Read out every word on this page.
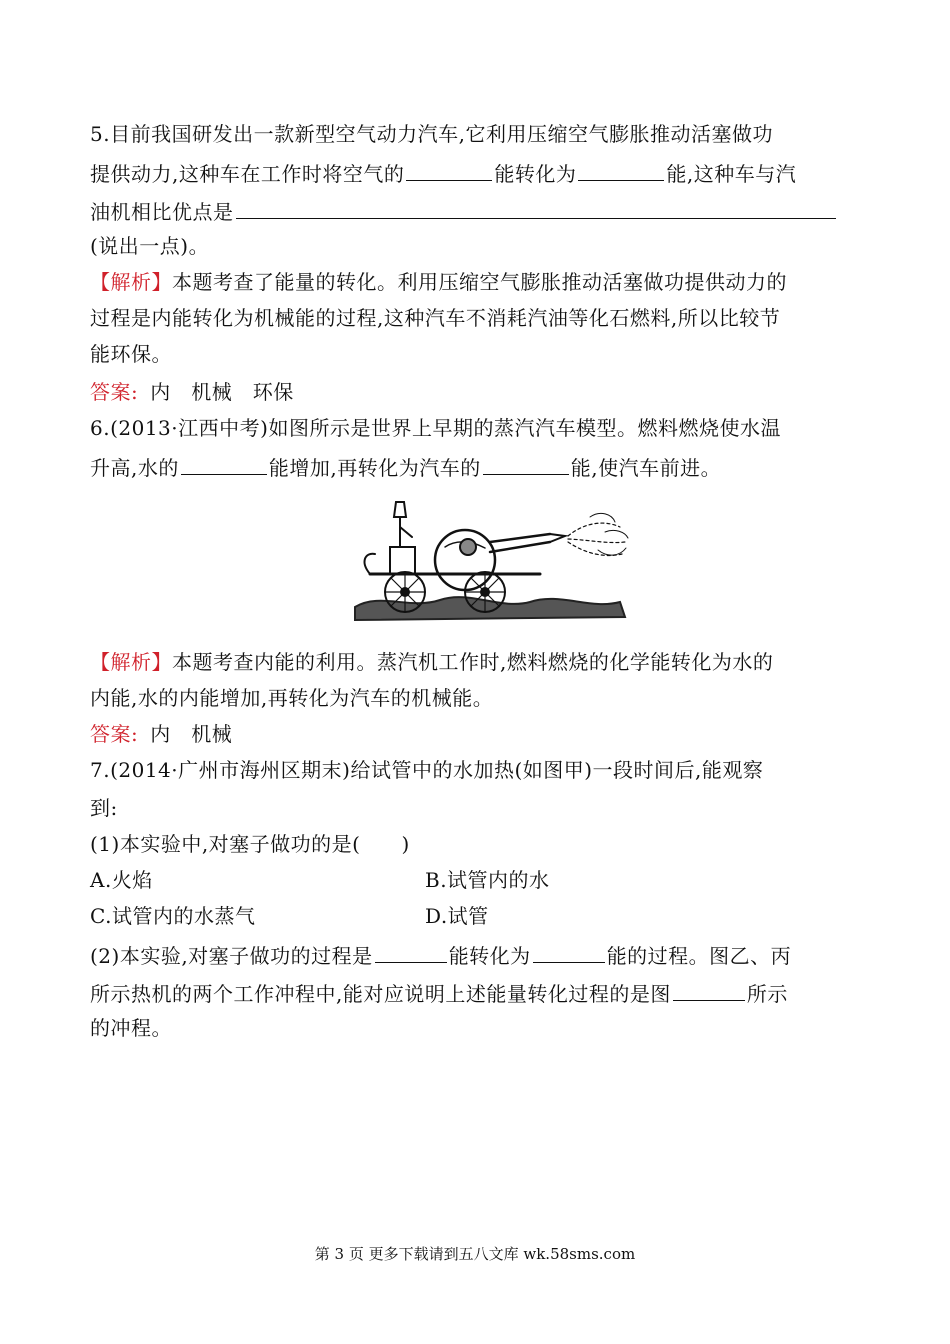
5.目前我国研发出一款新型空气动力汽车,它利用压缩空气膨胀推动活塞做功
提供动力,这种车在工作时将空气的	能转化为	能,这种车与汽
油机相比优点是
(说出一点)。
【解析】本题考查了能量的转化。利用压缩空气膨胀推动活塞做功提供动力的
过程是内能转化为机械能的过程,这种汽车不消耗汽油等化石燃料,所以比较节
能环保。
答案: 内　机械　环保
6.(2013·江西中考)如图所示是世界上早期的蒸汽汽车模型。燃料燃烧使水温
升高,水的	能增加,再转化为汽车的	能,使汽车前进。
【解析】本题考查内能的利用。蒸汽机工作时,燃料燃烧的化学能转化为水的
内能,水的内能增加,再转化为汽车的机械能。
答案: 内　机械
7.(2014·广州市海州区期末)给试管中的水加热(如图甲)一段时间后,能观察
到:
(1)本实验中,对塞子做功的是(　　)
A.火焰	B.试管内的水
C.试管内的水蒸气	D.试管
(2)本实验,对塞子做功的过程是	能转化为	能的过程。图乙、丙
所示热机的两个工作冲程中,能对应说明上述能量转化过程的是图	所示
的冲程。
第 3 页 更多下载请到五八文库 wk.58sms.com
